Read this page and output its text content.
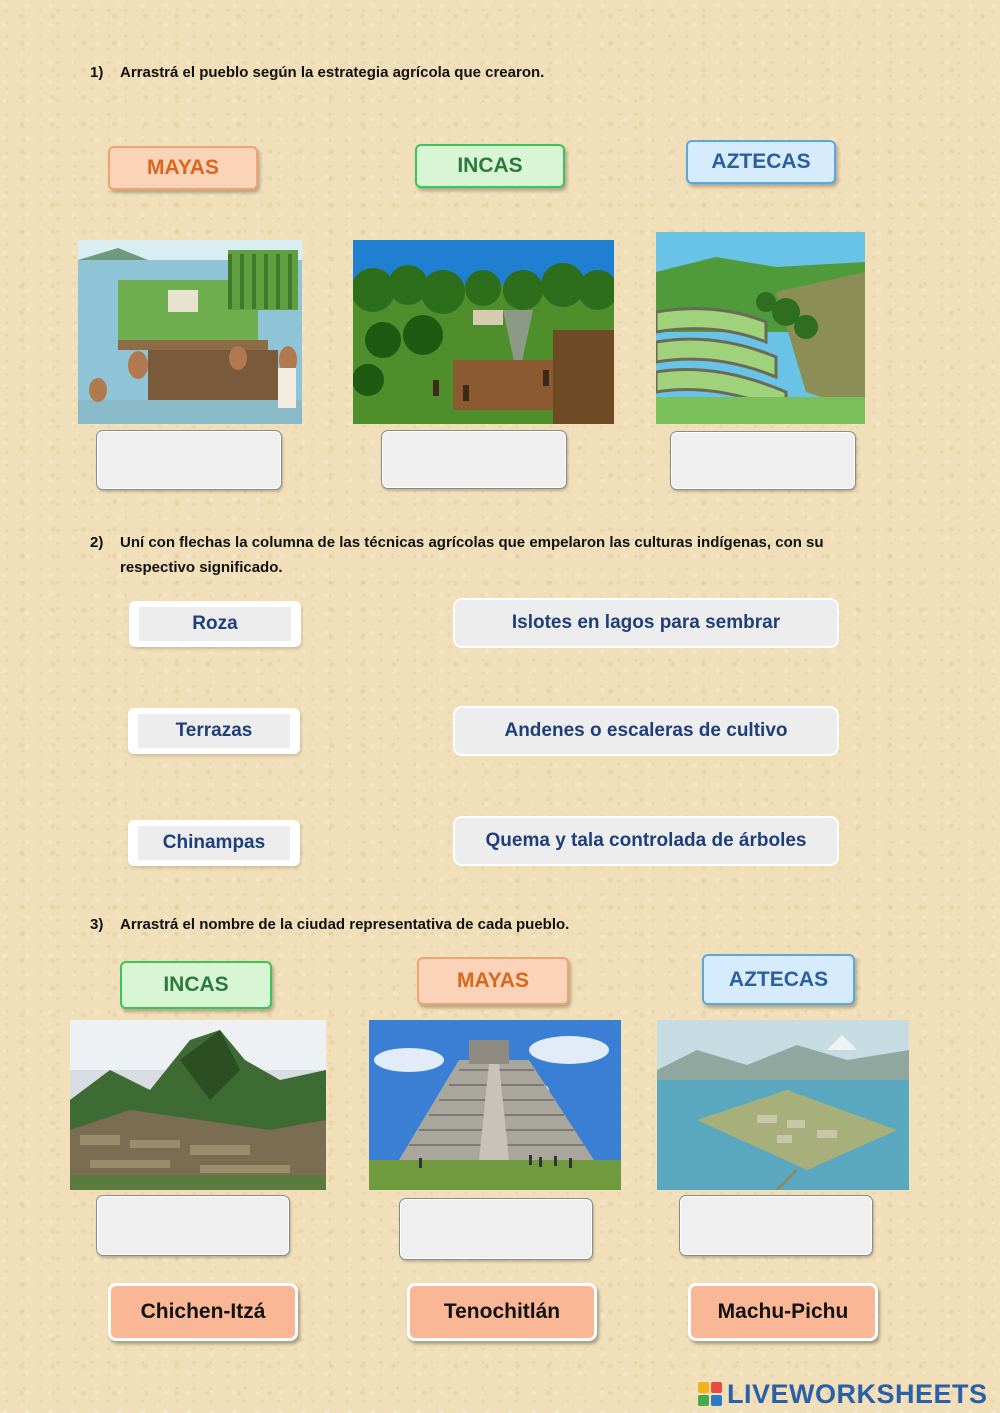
1) Arrastrá el pueblo según la estrategia agrícola que crearon.
MAYAS	INCAS	AZTECAS
2) Uní con flechas la columna de las técnicas agrícolas que empelaron las culturas indígenas, con su
respectivo significado.
Roza
Terrazas
Chinampas
Islotes en lagos para sembrar
Andenes o escaleras de cultivo
Quema y tala controlada de árboles
3) Arrastrá el nombre de la ciudad representativa de cada pueblo.
INCAS	MAYAS	AZTECAS
Chichen-Itzá	Tenochitlán	Machu-Pichu
LIVEWORKSHEETS
